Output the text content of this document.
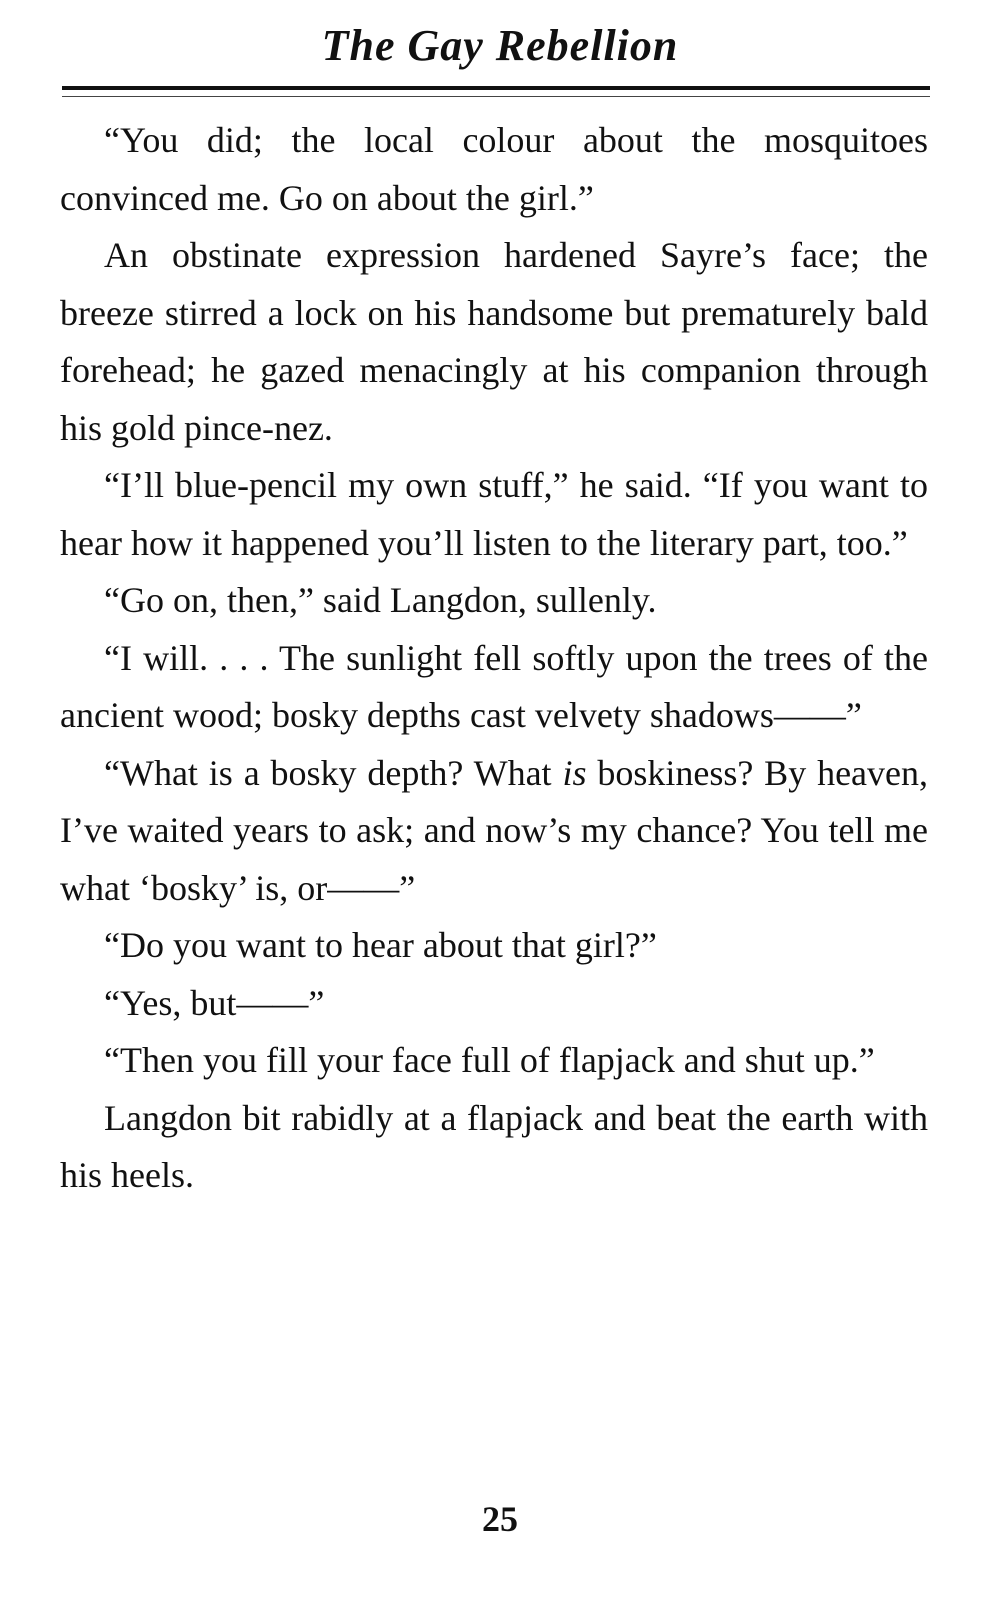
The Gay Rebellion

“You did; the local colour about the mosquitoes convinced me. Go on about the girl.”

An obstinate expression hardened Sayre’s face; the breeze stirred a lock on his handsome but prematurely bald forehead; he gazed menacingly at his companion through his gold pince-nez.

“I’ll blue-pencil my own stuff,” he said. “If you want to hear how it happened you’ll listen to the literary part, too.”

“Go on, then,” said Langdon, sullenly.

“I will. . . . The sunlight fell softly upon the trees of the ancient wood; bosky depths cast velvety shadows——”

“What is a bosky depth? What is boskiness? By heaven, I’ve waited years to ask; and now’s my chance? You tell me what ‘bosky’ is, or——”

“Do you want to hear about that girl?”

“Yes, but——”

“Then you fill your face full of flapjack and shut up.”

Langdon bit rabidly at a flapjack and beat the earth with his heels.

25
